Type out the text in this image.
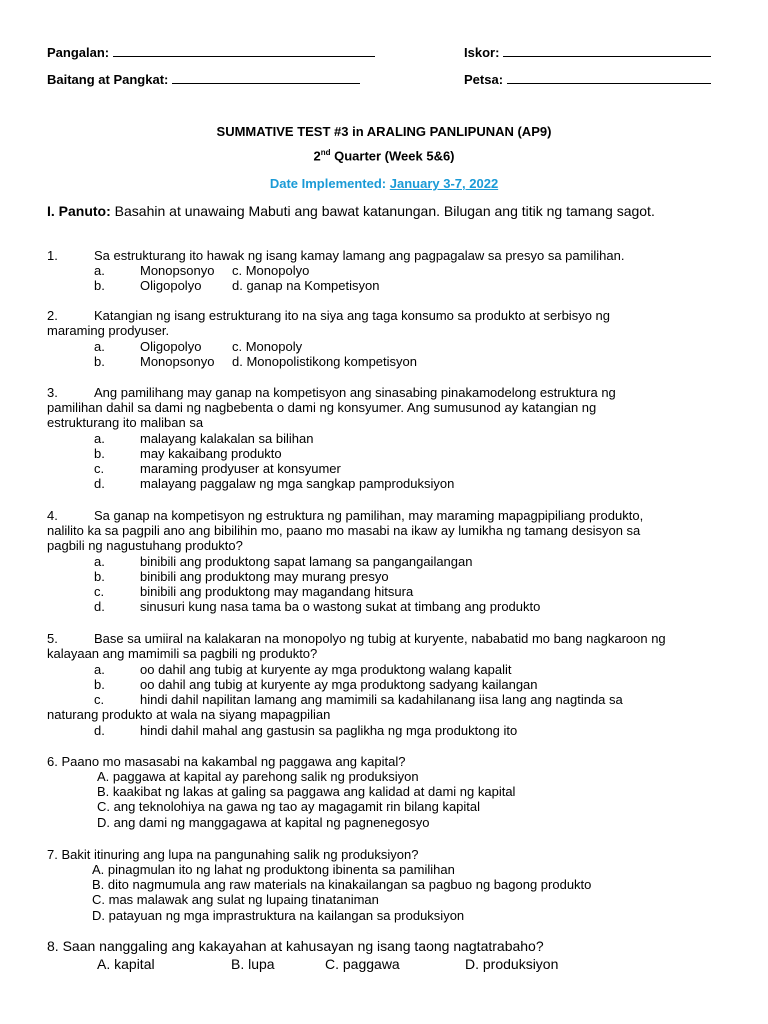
Pangalan:	Iskor:
Baitang at Pangkat:	Petsa:
SUMMATIVE TEST #3 in ARALING PANLIPUNAN (AP9)
2nd Quarter (Week 5&6)
Date Implemented: January 3-7, 2022
I. Panuto: Basahin at unawaing Mabuti ang bawat katanungan. Bilugan ang titik ng tamang sagot.
1.	Sa estrukturang ito hawak ng isang kamay lamang ang pagpagalaw sa presyo sa pamilihan.
a.	Monopsonyo c. Monopolyo
b.	Oligopolyo d. ganap na Kompetisyon
2.	Katangian ng isang estrukturang ito na siya ang taga konsumo sa produkto at serbisyo ng
maraming prodyuser.
a.	Oligopolyo c. Monopoly
b.	Monopsonyo d. Monopolistikong kompetisyon
3.	Ang pamilihang may ganap na kompetisyon ang sinasabing pinakamodelong estruktura ng
pamilihan dahil sa dami ng nagbebenta o dami ng konsyumer. Ang sumusunod ay katangian ng
estrukturang ito maliban sa
a.	malayang kalakalan sa bilihan
b.	may kakaibang produkto
c.	maraming prodyuser at konsyumer
d.	malayang paggalaw ng mga sangkap pamproduksiyon
4.	Sa ganap na kompetisyon ng estruktura ng pamilihan, may maraming mapagpipiliang produkto,
nalilito ka sa pagpili ano ang bibilihin mo, paano mo masabi na ikaw ay lumikha ng tamang desisyon sa
pagbili ng nagustuhang produkto?
a.	binibili ang produktong sapat lamang sa pangangailangan
b.	binibili ang produktong may murang presyo
c.	binibili ang produktong may magandang hitsura
d.	sinusuri kung nasa tama ba o wastong sukat at timbang ang produkto
5.	Base sa umiiral na kalakaran na monopolyo ng tubig at kuryente, nababatid mo bang nagkaroon ng
kalayaan ang mamimili sa pagbili ng produkto?
a.	oo dahil ang tubig at kuryente ay mga produktong walang kapalit
b.	oo dahil ang tubig at kuryente ay mga produktong sadyang kailangan
c.	hindi dahil napilitan lamang ang mamimili sa kadahilanang iisa lang ang nagtinda sa
naturang produkto at wala na siyang mapagpilian
d.	hindi dahil mahal ang gastusin sa paglikha ng mga produktong ito
6. Paano mo masasabi na kakambal ng paggawa ang kapital?
A. paggawa at kapital ay parehong salik ng produksiyon
B. kaakibat ng lakas at galing sa paggawa ang kalidad at dami ng kapital
C. ang teknolohiya na gawa ng tao ay magagamit rin bilang kapital
D. ang dami ng manggagawa at kapital ng pagnenegosyo
7. Bakit itinuring ang lupa na pangunahing salik ng produksiyon?
A. pinagmulan ito ng lahat ng produktong ibinenta sa pamilihan
B. dito nagmumula ang raw materials na kinakailangan sa pagbuo ng bagong produkto
C. mas malawak ang sulat ng lupaing tinataniman
D. patayuan ng mga imprastruktura na kailangan sa produksiyon
8. Saan nanggaling ang kakayahan at kahusayan ng isang taong nagtatrabaho?
A. kapital	B. lupa	C. paggawa	D. produksiyon
